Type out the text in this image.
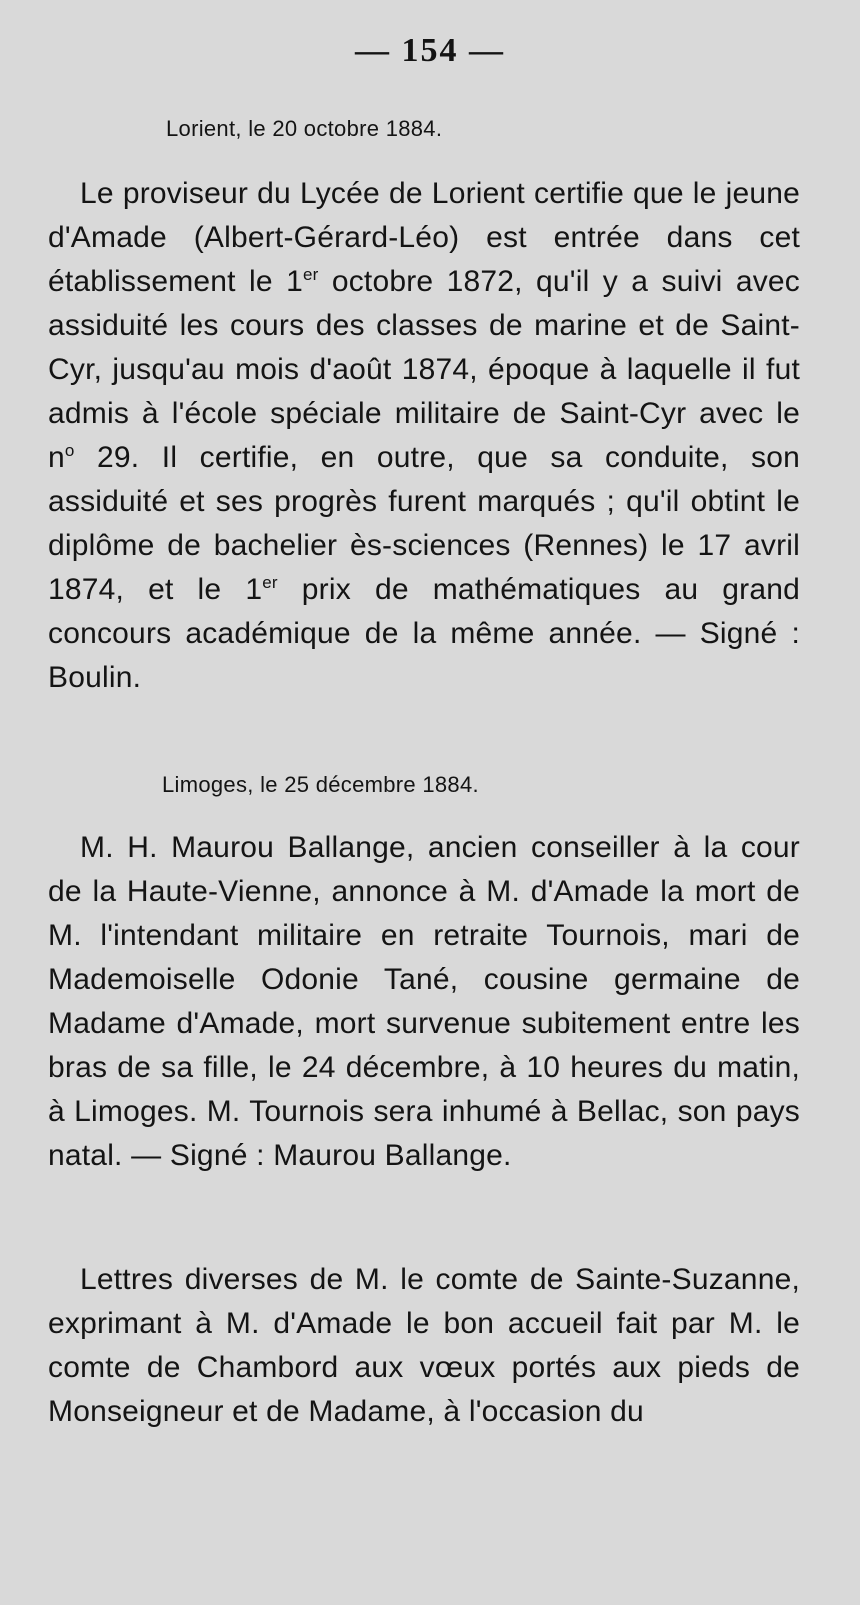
— 154 —
Lorient, le 20 octobre 1884.
Le proviseur du Lycée de Lorient certifie que le jeune d'Amade (Albert-Gérard-Léo) est entrée dans cet établissement le 1er octobre 1872, qu'il y a suivi avec assiduité les cours des classes de marine et de Saint-Cyr, jusqu'au mois d'août 1874, époque à laquelle il fut admis à l'école spéciale militaire de Saint-Cyr avec le $n^o$ 29. Il certifie, en outre, que sa conduite, son assiduité et ses progrès furent marqués ; qu'il obtint le diplôme de bachelier ès-sciences (Rennes) le 17 avril 1874, et le 1er prix de mathématiques au grand concours académique de la même année. — Signé : Boulin.
Limoges, le 25 décembre 1884.
M. H. Maurou Ballange, ancien conseiller à la cour de la Haute-Vienne, annonce à M. d'Amade la mort de M. l'intendant militaire en retraite Tournois, mari de Mademoiselle Odonie Tané, cousine germaine de Madame d'Amade, mort survenue subitement entre les bras de sa fille, le 24 décembre, à 10 heures du matin, à Limoges. M. Tournois sera inhumé à Bellac, son pays natal. — Signé : Maurou Ballange.
Lettres diverses de M. le comte de Sainte-Suzanne, exprimant à M. d'Amade le bon accueil fait par M. le comte de Chambord aux vœux portés aux pieds de Monseigneur et de Madame, à l'occasion du
